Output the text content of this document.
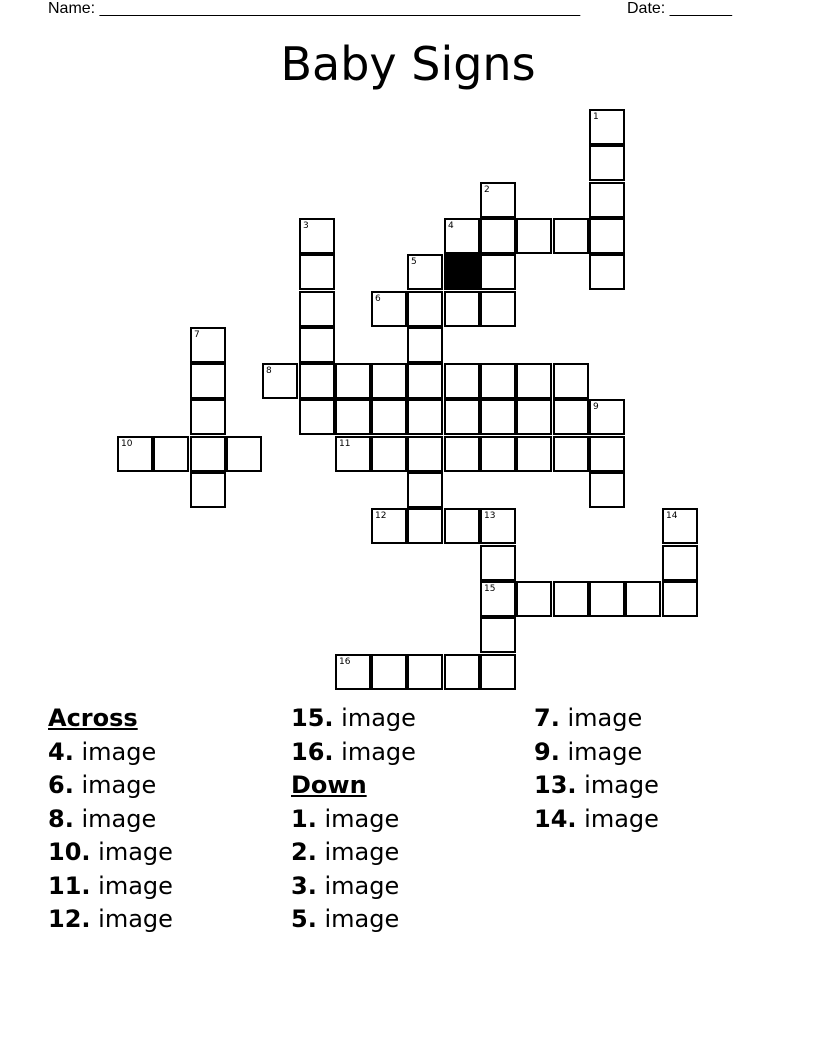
Name: ______________________________________________________	Date: _______
Baby Signs
1
2
3	4
5
6
7
8
9
10	11
12	13	14
15
16
Across
4. image
6. image
8. image
10. image
11. image
12. image
15. image
16. image
Down
1. image
2. image
3. image
5. image
7. image
9. image
13. image
14. image
